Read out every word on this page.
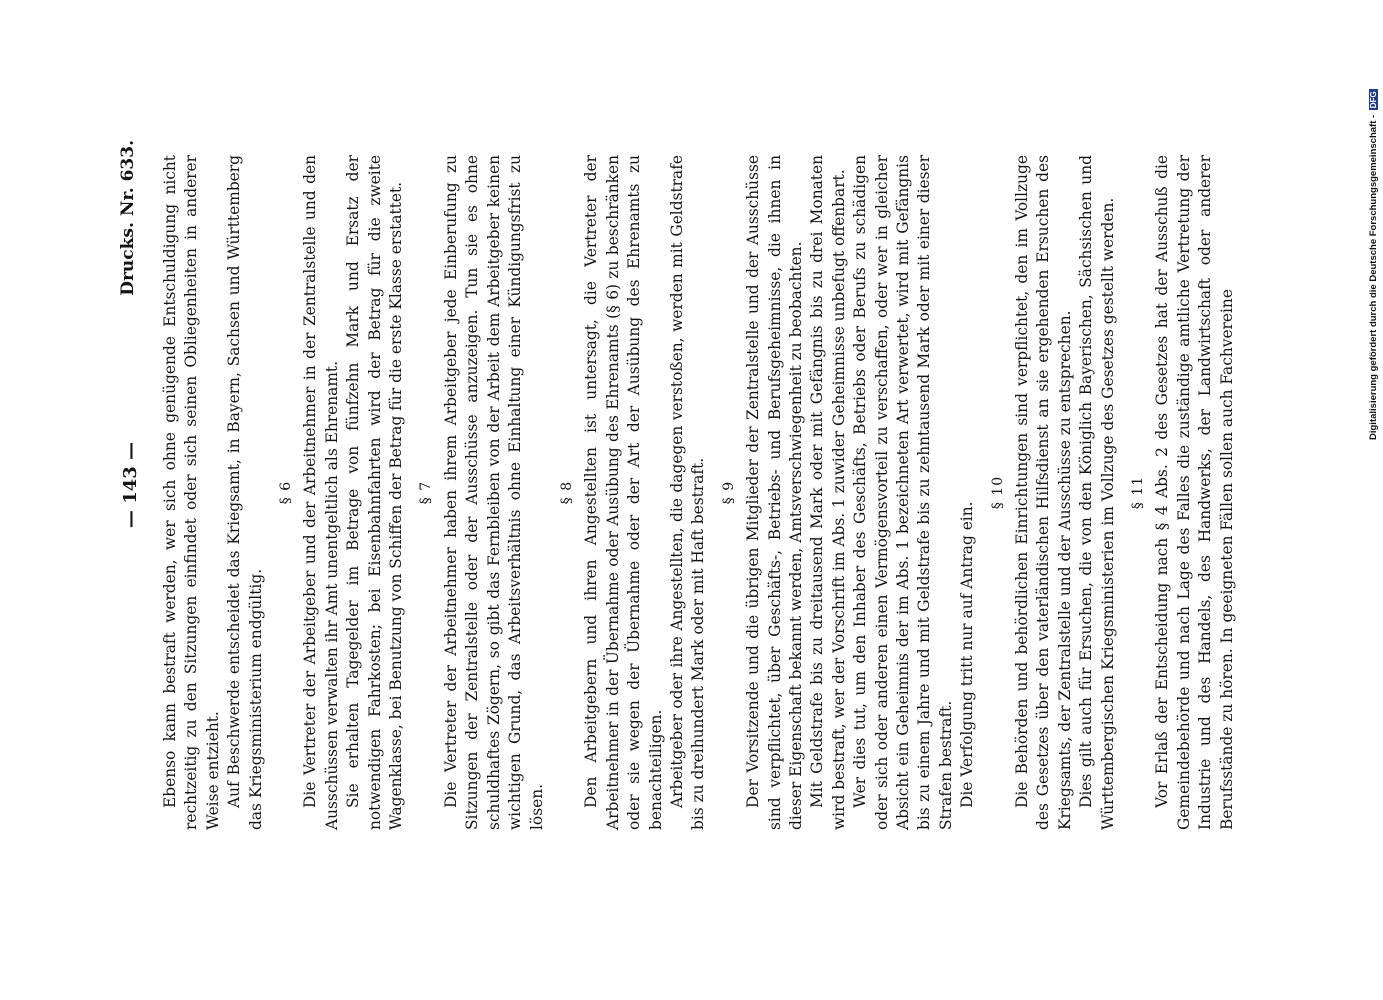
— 143 —
Drucks. Nr. 633. Ebenso kann bestraft werden, wer sich ohne genügende Entschuldigung nicht rechtzeitig zu den Sitzungen einfindet oder sich seinen Obliegenheiten in anderer Weise entzieht. Auf Beschwerde entscheidet das Kriegsamt, in Bayern, Sachsen und Württemberg das Kriegsministerium endgültig.

§ 6 Die Vertreter der Arbeitgeber und der Arbeitnehmer in der Zentralstelle und den Ausschüssen verwalten ihr Amt unentgeltlich als Ehrenamt. Sie erhalten Tagegelder im Betrage von fünfzehn Mark und Ersatz der notwendigen Fahrkosten; bei Eisenbahnfahrten wird der Betrag für die zweite Wagenklasse, bei Benutzung von Schiffen der Betrag für die erste Klasse erstattet. § 7 Die Vertreter der Arbeitnehmer haben ihrem Arbeitgeber jede Einberufung zu Sitzungen der Zentralstelle oder der Ausschüsse anzuzeigen. Tun sie es ohne schuldhaftes Zögern, so gibt das Fernbleiben von der Arbeit dem Arbeitgeber keinen wichtigen Grund, das Arbeitsverhältnis ohne Einhaltung einer Kündigungsfrist zu lösen.

§ 8 Den Arbeitgebern und ihren Angestellten ist untersagt, die Vertreter der Arbeitnehmer in der Übernahme oder Ausübung des Ehrenamts (§ 6) zu beschränken oder sie wegen der Übernahme oder der Art der Ausübung des Ehrenamts zu benachteiligen. Arbeitgeber oder ihre Angestellten, die dagegen verstoßen, werden mit Geldstrafe bis zu dreihundert Mark oder mit Haft bestraft. § 9 Der Vorsitzende und die übrigen Mitglieder der Zentralstelle und der Ausschüsse sind verpflichtet, über Geschäfts-, Betriebs- und Berufsgeheimnisse, die ihnen in dieser Eigenschaft bekannt werden, Amtsverschwiegenheit zu beobachten. Mit Geldstrafe bis zu dreitausend Mark oder mit Gefängnis bis zu drei Monaten wird bestraft, wer der Vorschrift im Abs. 1 zuwider Geheimnisse unbefugt offenbart. Wer dies tut, um den Inhaber des Geschäfts, Betriebs oder Berufs zu schädigen oder sich oder anderen einen Vermögensvorteil zu verschaffen, oder wer in gleicher Absicht ein Geheimnis der im Abs. 1 bezeichneten Art verwertet, wird mit Gefängnis bis zu einem Jahre und mit Geldstrafe bis zu zehntausend Mark oder mit einer dieser Strafen bestraft. Die Verfolgung tritt nur auf Antrag ein.

§ 10 Die Behörden und behördlichen Einrichtungen sind verpflichtet, den im Vollzuge des Gesetzes über den vaterländischen Hilfsdienst an sie ergehenden Ersuchen des Kriegsamts, der Zentralstelle und der Ausschüsse zu entsprechen. Dies gilt auch für Ersuchen, die von den Königlich Bayerischen, Sächsischen und Württembergischen Kriegsministerien im Vollzuge des Gesetzes gestellt werden. § 11 Vor Erlaß der Entscheidung nach § 4 Abs. 2 des Gesetzes hat der Ausschuß die Gemeindebehörde und nach Lage des Falles die zuständige amtliche Vertretung der Industrie und des Handels, des Handwerks, der Landwirtschaft oder anderer Berufsstände zu hören. In geeigneten Fällen sollen auch Fachvereine

Digitalisierung gefördert durch die Deutsche Forschungsgemeinschaft - DFG
